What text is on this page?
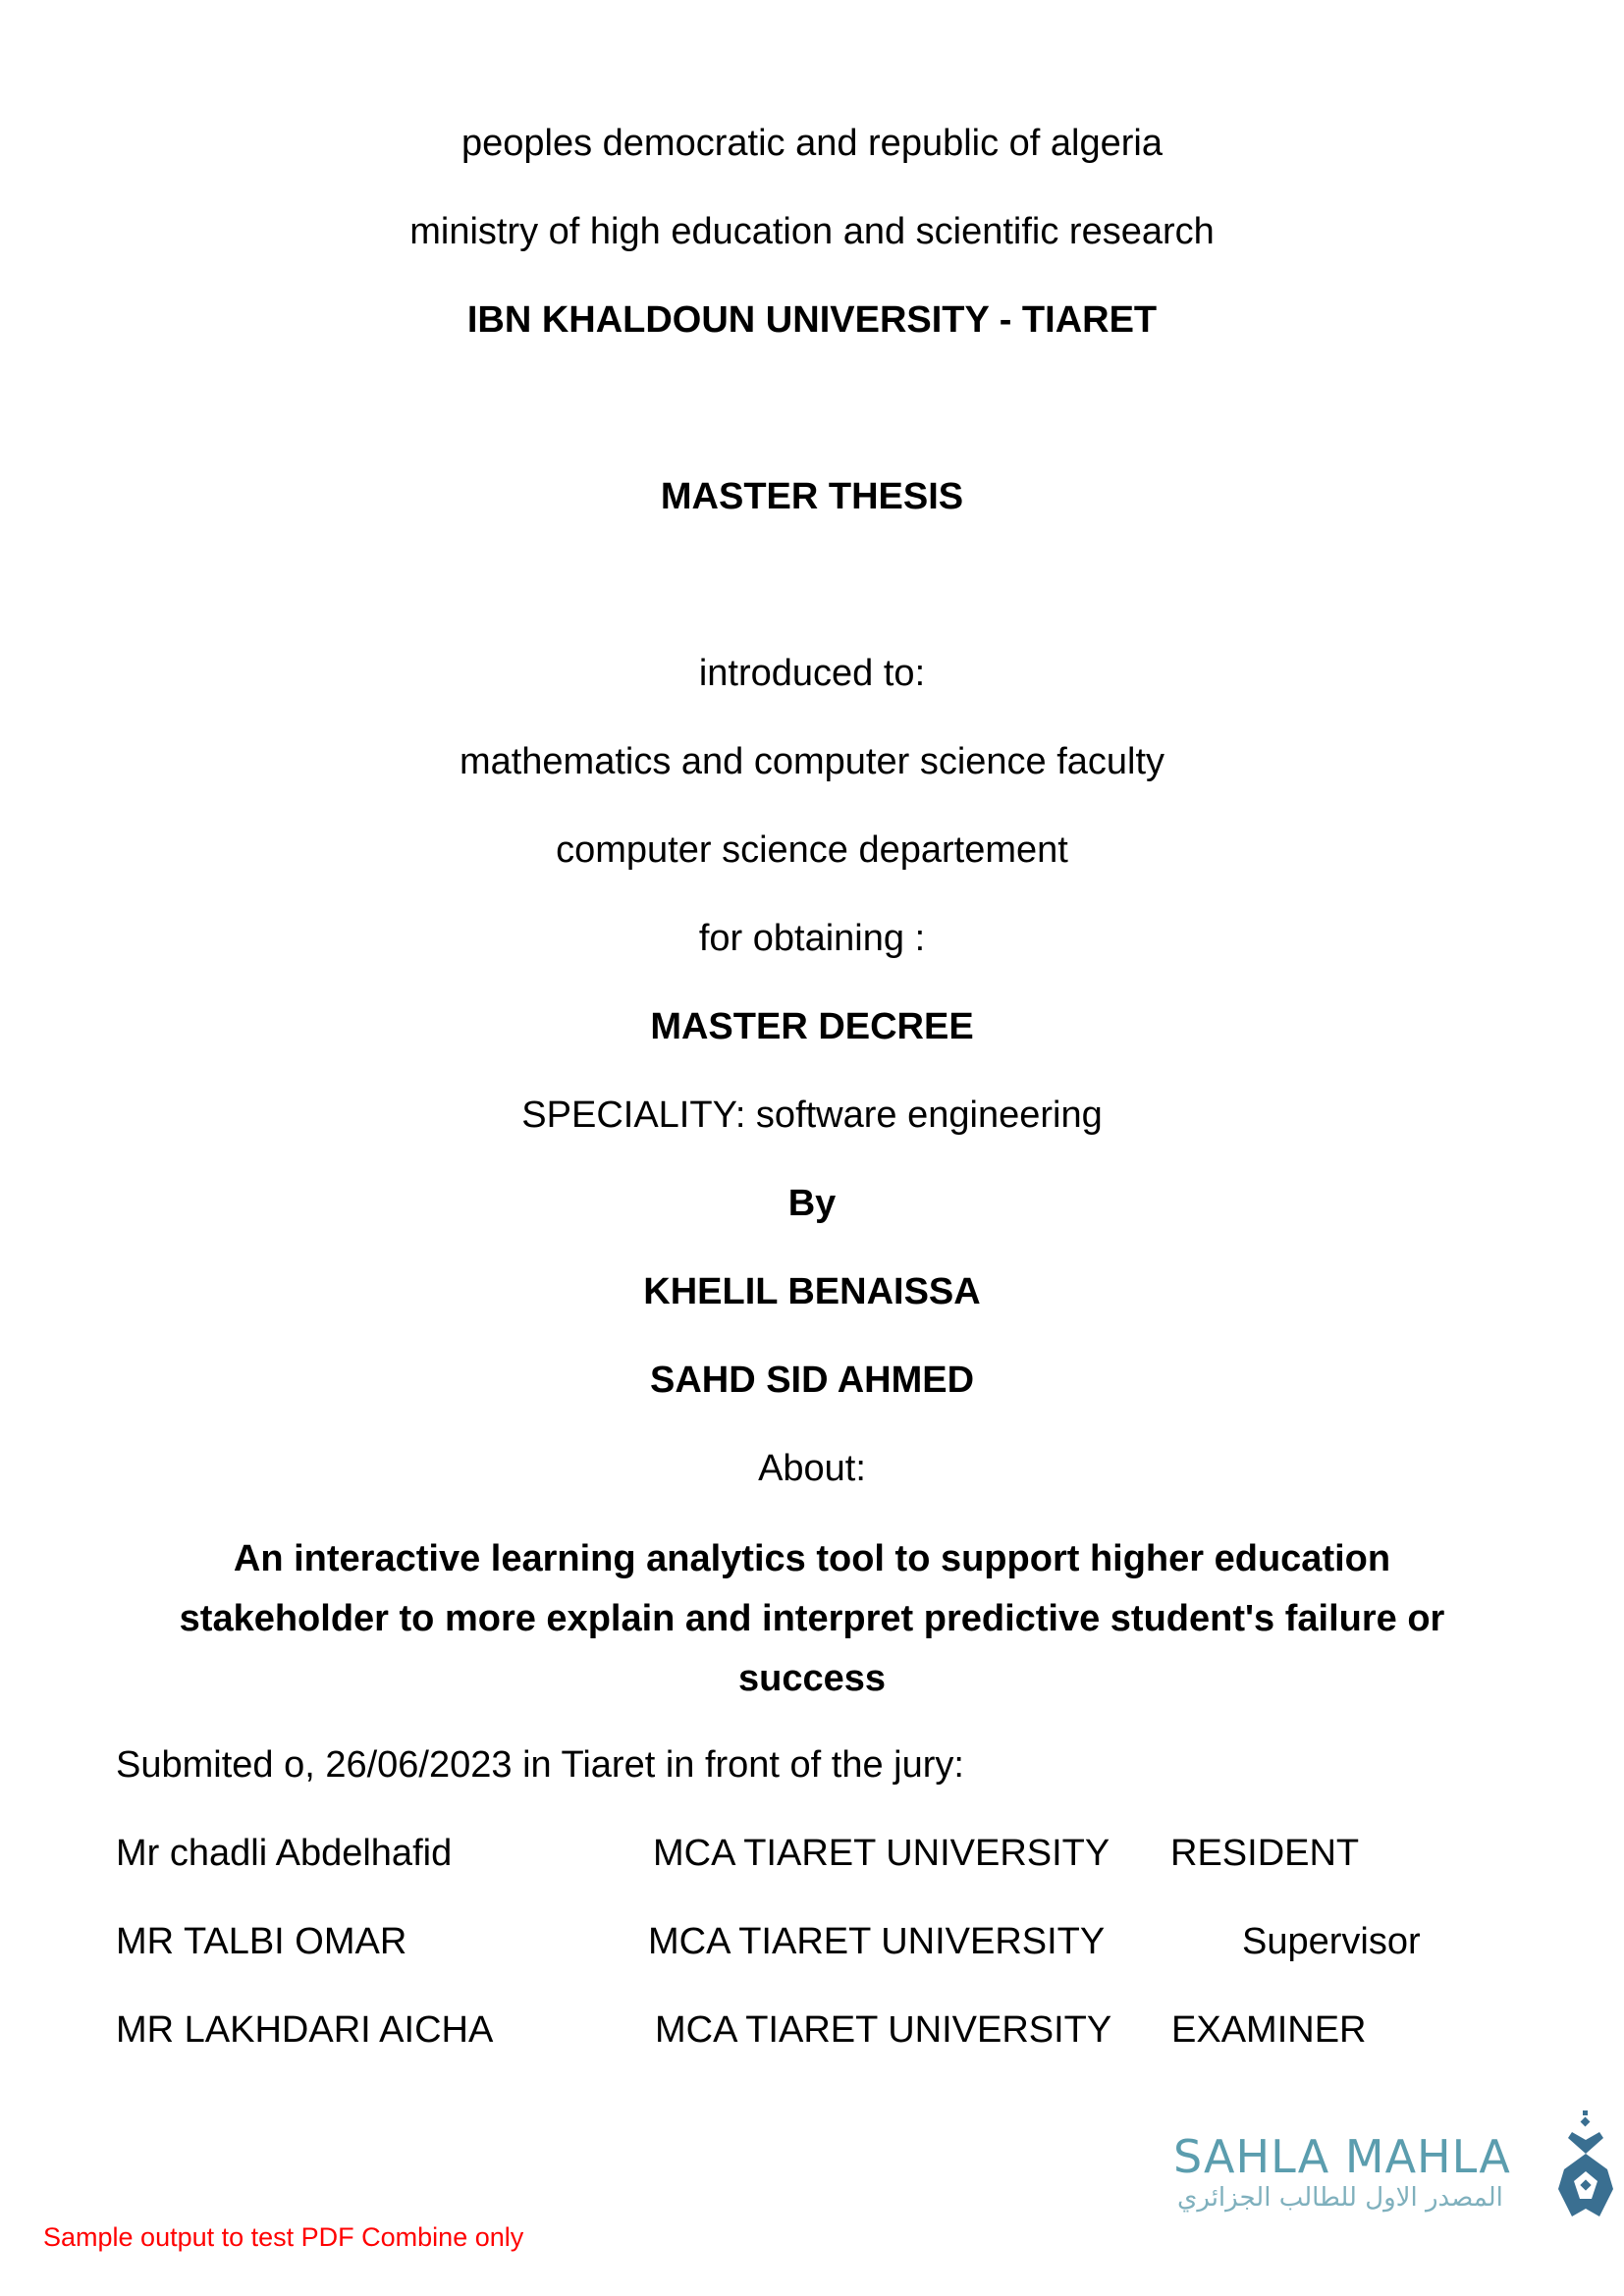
peoples democratic and republic of algeria
ministry of high education and scientific research
IBN KHALDOUN UNIVERSITY - TIARET
MASTER THESIS
introduced to:
mathematics and computer science faculty
computer science departement
for obtaining :
MASTER DECREE
SPECIALITY: software engineering
By
KHELIL BENAISSA
SAHD SID AHMED
About:
An interactive learning analytics tool to support higher education
stakeholder to more explain and interpret predictive student's failure or
success
Submited o, 26/06/2023 in Tiaret in front of the jury:
Mr chadli Abdelhafid	MCA TIARET UNIVERSITY RESIDENT
MR TALBI OMAR	MCA TIARET UNIVERSITY	Supervisor
MR LAKHDARI AICHA	MCA TIARET UNIVERSITY EXAMINER
SAHLA MAHLA
المصدر الاول للطالب الجزائري
Sample output to test PDF Combine only
